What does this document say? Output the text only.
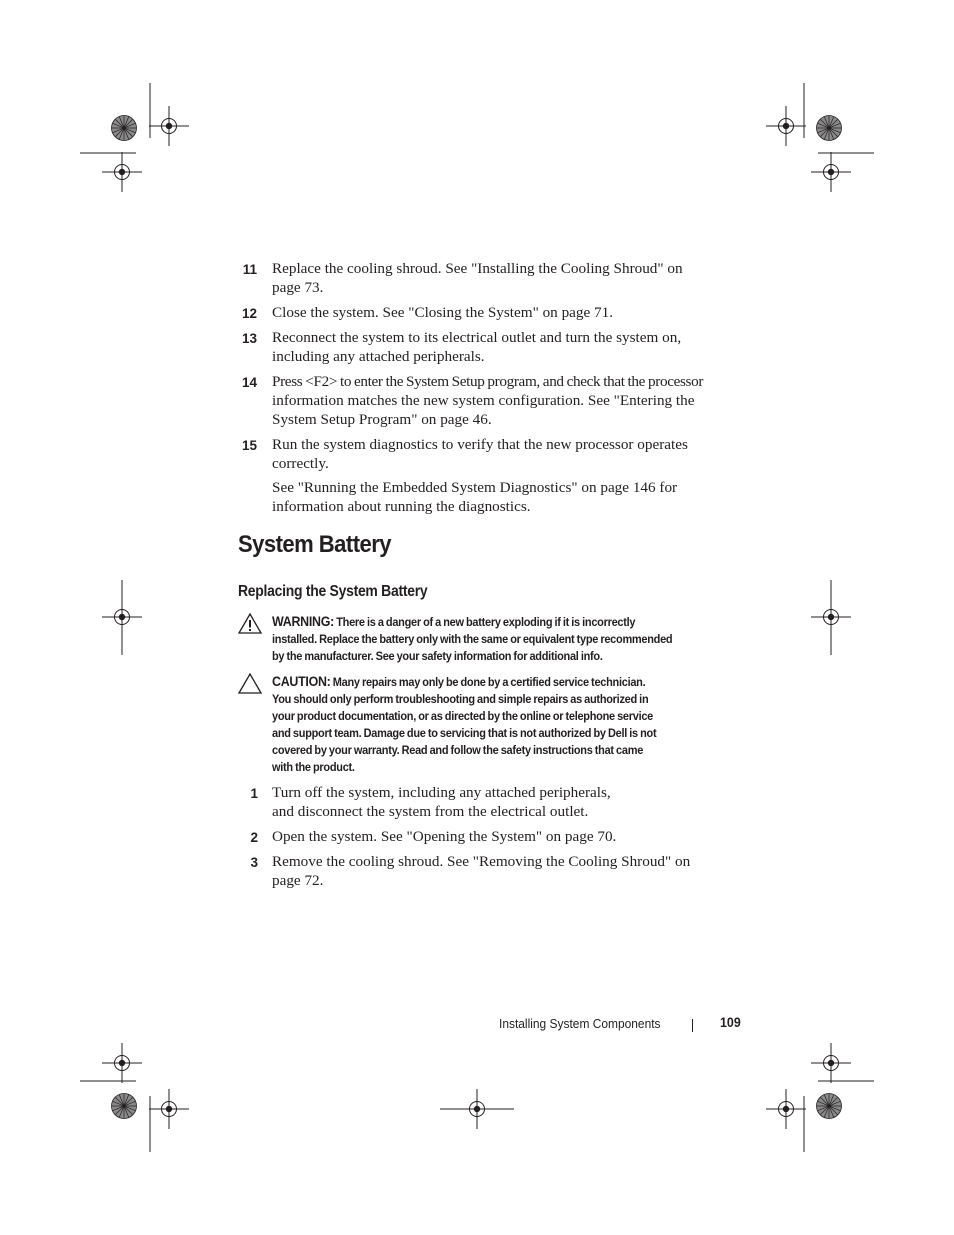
11 Replace the cooling shroud. See "Installing the Cooling Shroud" on
page 73.

12 Close the system. See "Closing the System" on page 71.

13 Reconnect the system to its electrical outlet and turn the system on,
including any attached peripherals.

14 Press <F2> to enter the System Setup program, and check that the processor
information matches the new system configuration. See "Entering the
System Setup Program" on page 46.

15 Run the system diagnostics to verify that the new processor operates
correctly.

See "Running the Embedded System Diagnostics" on page 146 for
information about running the diagnostics.

System Battery
Replacing the System Battery

WARNING: There is a danger of a new battery exploding if it is incorrectly
installed. Replace the battery only with the same or equivalent type recommended
by the manufacturer. See your safety information for additional info.

CAUTION: Many repairs may only be done by a certified service technician.
You should only perform troubleshooting and simple repairs as authorized in
your product documentation, or as directed by the online or telephone service
and support team. Damage due to servicing that is not authorized by Dell is not
covered by your warranty. Read and follow the safety instructions that came
with the product.

1 Turn off the system, including any attached peripherals,
and disconnect the system from the electrical outlet.

2 Open the system. See "Opening the System" on page 70.

3 Remove the cooling shroud. See "Removing the Cooling Shroud" on
page 72.

Installing System Components	109
